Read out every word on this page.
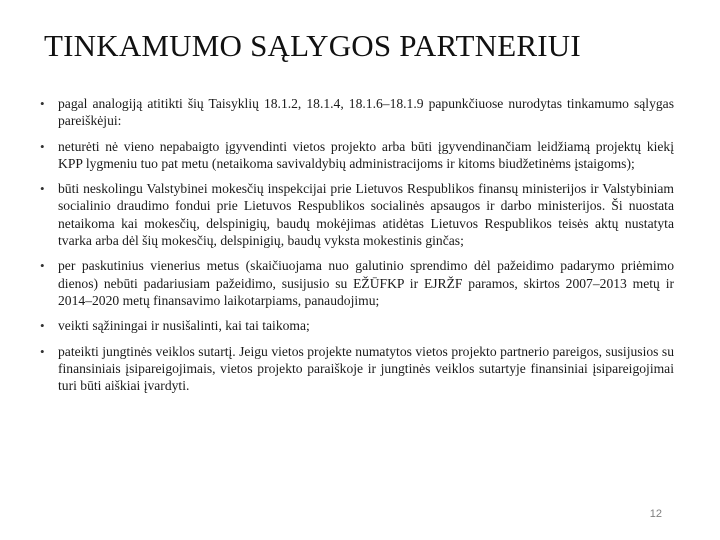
TINKAMUMO SĄLYGOS PARTNERIUI
• pagal analogiją atitikti šių Taisyklių 18.1.2, 18.1.4, 18.1.6–18.1.9 papunkčiuose nurodytas tinkamumo sąlygas pareiškėjui:
• neturėti nė vieno nepabaigto įgyvendinti vietos projekto arba būti įgyvendinančiam leidžiamą projektų kiekį KPP lygmeniu tuo pat metu (netaikoma savivaldybių administracijoms ir kitoms biudžetinėms įstaigoms);
• būti neskolingu Valstybinei mokesčių inspekcijai prie Lietuvos Respublikos finansų ministerijos ir Valstybiniam socialinio draudimo fondui prie Lietuvos Respublikos socialinės apsaugos ir darbo ministerijos. Ši nuostata netaikoma kai mokesčių, delspinigių, baudų mokėjimas atidėtas Lietuvos Respublikos teisės aktų nustatyta tvarka arba dėl šių mokesčių, delspinigių, baudų vyksta mokestinis ginčas;
• per paskutinius vienerius metus (skaičiuojama nuo galutinio sprendimo dėl pažeidimo padarymo priėmimo dienos) nebūti padariusiam pažeidimo, susijusio su EŽŪFKP ir EJRŽF paramos, skirtos 2007–2013 metų ir 2014–2020 metų finansavimo laikotarpiams, panaudojimu;
• veikti sąžiningai ir nusišalinti, kai tai taikoma;
• pateikti jungtinės veiklos sutartį. Jeigu vietos projekte numatytos vietos projekto partnerio pareigos, susijusios su finansiniais įsipareigojimais, vietos projekto paraiškoje ir jungtinės veiklos sutartyje finansiniai įsipareigojimai turi būti aiškiai įvardyti.
12
